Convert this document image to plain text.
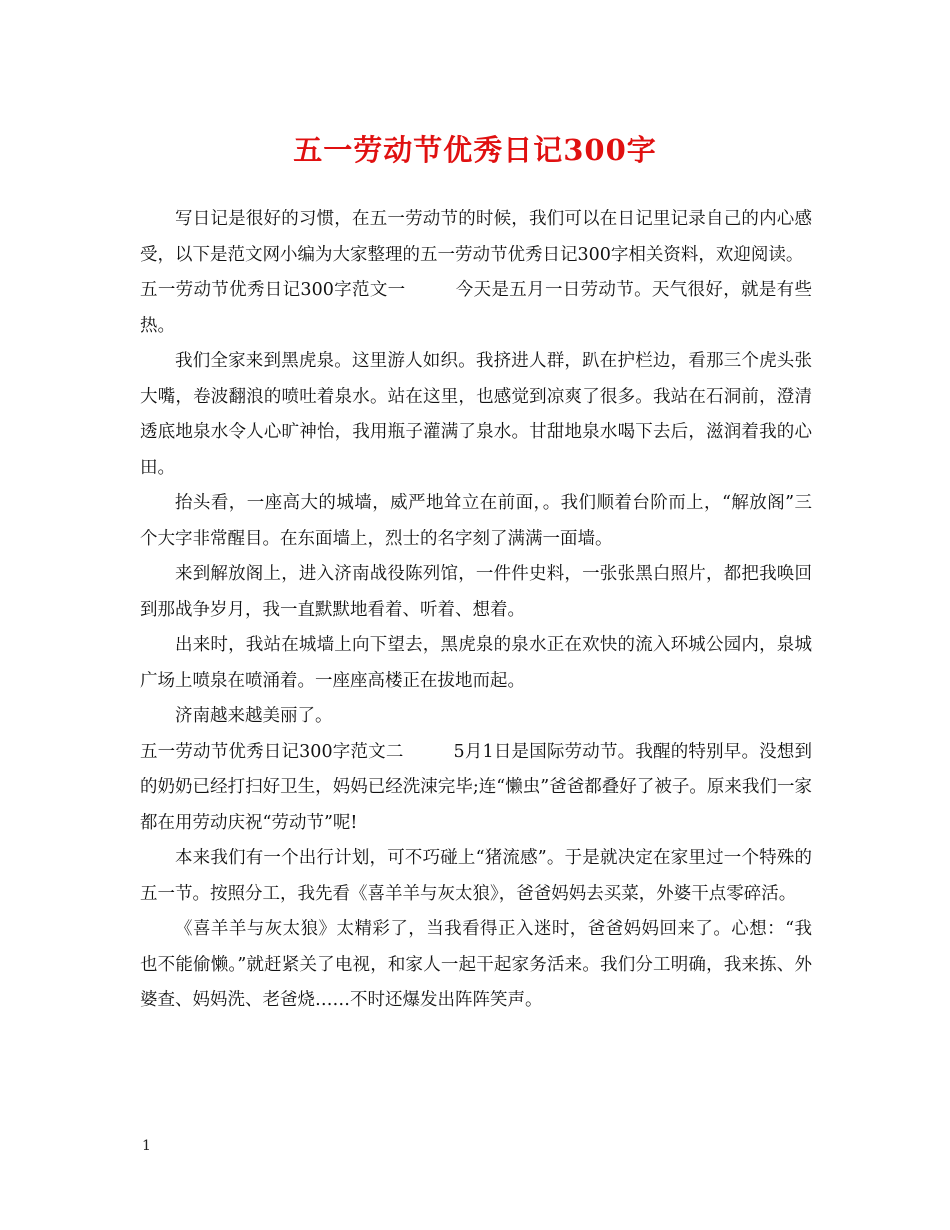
五一劳动节优秀日记300字

写日记是很好的习惯，在五一劳动节的时候，我们可以在日记里记录自己的内心感受，以下是范文网小编为大家整理的五一劳动节优秀日记300字相关资料，欢迎阅读。

五一劳动节优秀日记300字范文一	今天是五月一日劳动节。天气很好，就是有些热。

我们全家来到黑虎泉。这里游人如织。我挤进人群，趴在护栏边，看那三个虎头张大嘴，卷波翻浪的喷吐着泉水。站在这里，也感觉到凉爽了很多。我站在石洞前，澄清透底地泉水令人心旷神怡，我用瓶子灌满了泉水。甘甜地泉水喝下去后，滋润着我的心田。

抬头看，一座高大的城墙，威严地耸立在前面，。我们顺着台阶而上，“解放阁”三个大字非常醒目。在东面墙上，烈士的名字刻了满满一面墙。

来到解放阁上，进入济南战役陈列馆，一件件史料，一张张黑白照片，都把我唤回到那战争岁月，我一直默默地看着、听着、想着。

出来时，我站在城墙上向下望去，黑虎泉的泉水正在欢快的流入环城公园内，泉城广场上喷泉在喷涌着。一座座高楼正在拔地而起。

济南越来越美丽了。

五一劳动节优秀日记300字范文二	5月1日是国际劳动节。我醒的特别早。没想到的奶奶已经打扫好卫生，妈妈已经洗涑完毕;连“懒虫”爸爸都叠好了被子。原来我们一家都在用劳动庆祝“劳动节”呢!

本来我们有一个出行计划，可不巧碰上“猪流感”。于是就决定在家里过一个特殊的五一节。按照分工，我先看《喜羊羊与灰太狼》，爸爸妈妈去买菜，外婆干点零碎活。

《喜羊羊与灰太狼》太精彩了，当我看得正入迷时，爸爸妈妈回来了。心想：“我也不能偷懒。”就赶紧关了电视，和家人一起干起家务活来。我们分工明确，我来拣、外婆查、妈妈洗、老爸烧……不时还爆发出阵阵笑声。

1
